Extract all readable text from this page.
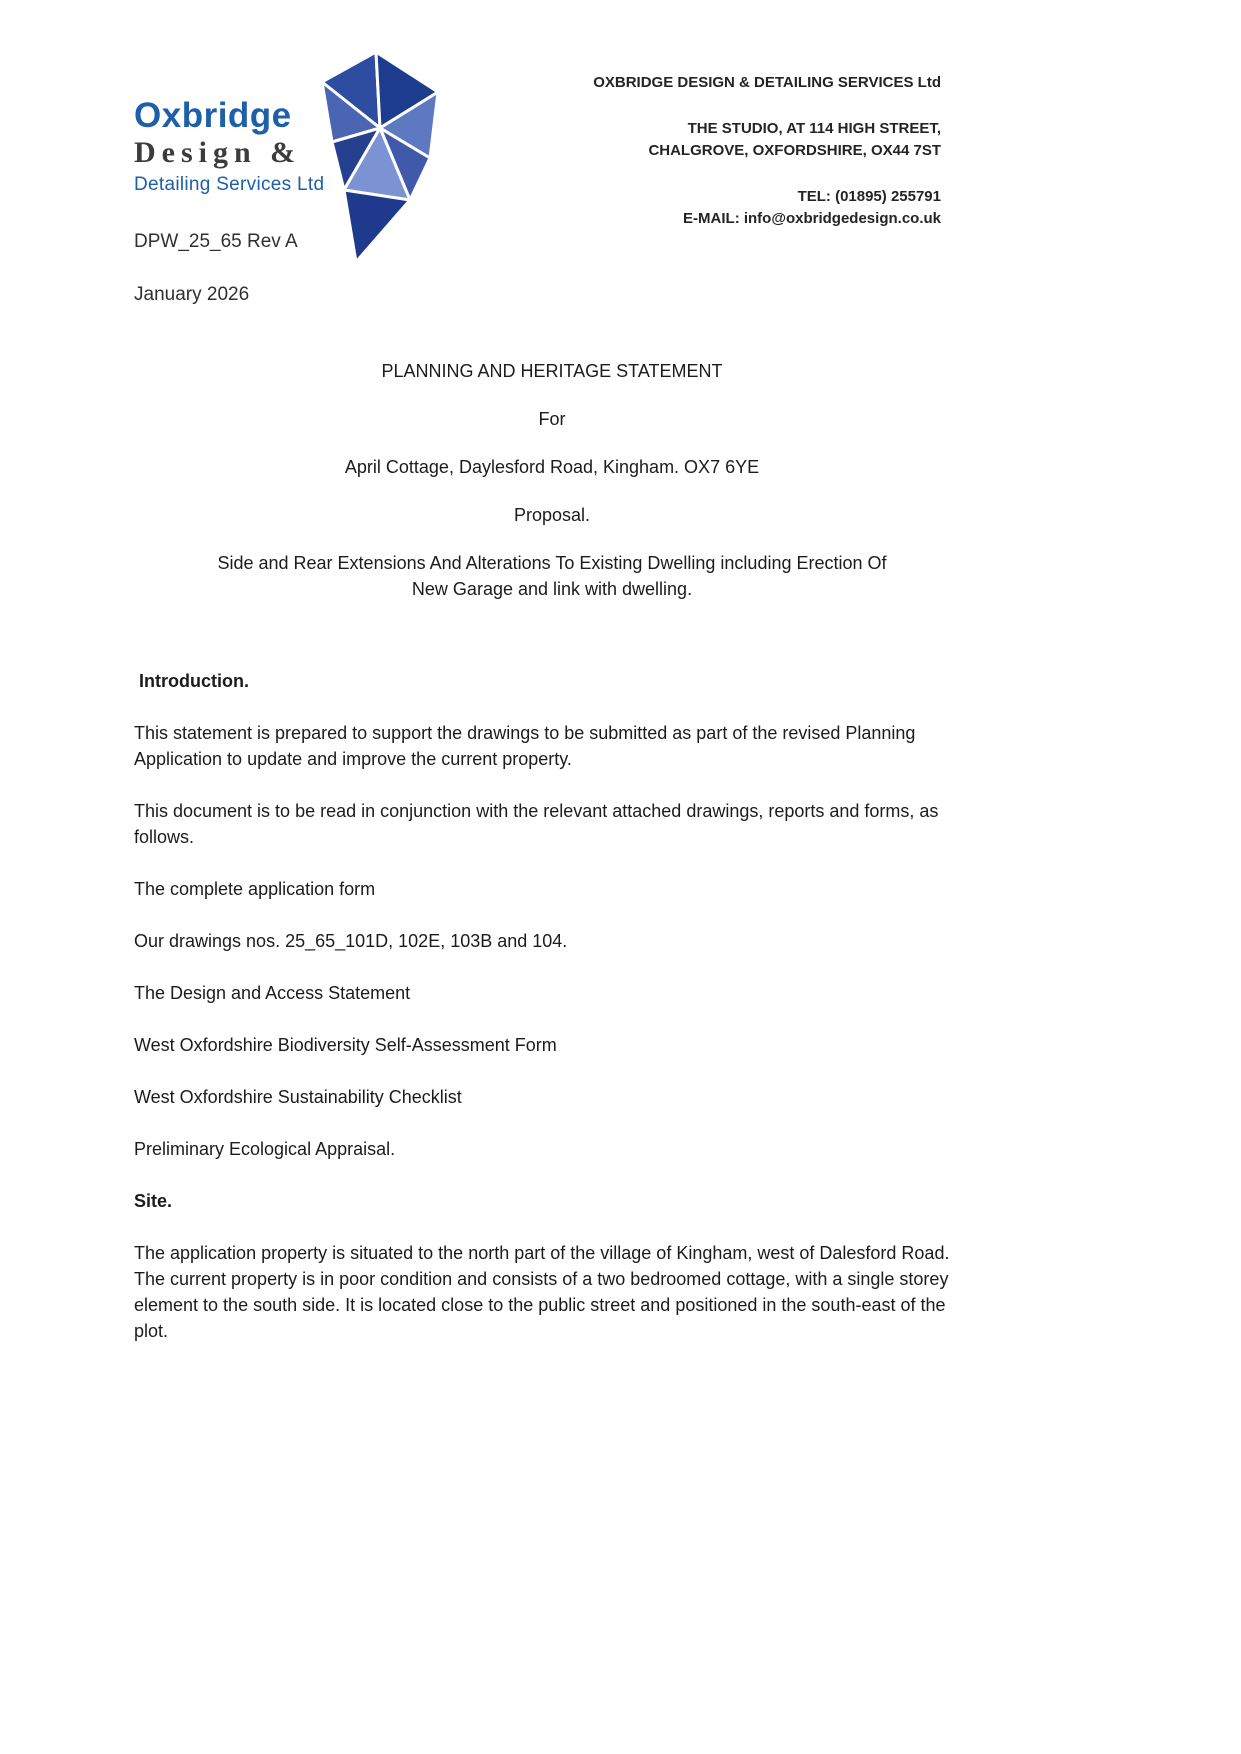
Oxbridge
Design &
Detailing Services Ltd
OXBRIDGE DESIGN & DETAILING SERVICES Ltd
THE STUDIO, AT 114 HIGH STREET,
CHALGROVE, OXFORDSHIRE, OX44 7ST
TEL: (01895) 255791
E-MAIL: info@oxbridgedesign.co.uk
DPW_25_65 Rev A
January 2026
PLANNING AND HERITAGE STATEMENT
For
April Cottage, Daylesford Road, Kingham. OX7 6YE
Proposal.
Side and Rear Extensions And Alterations To Existing Dwelling including Erection Of New Garage and link with dwelling.

Introduction.

This statement is prepared to support the drawings to be submitted as part of the revised Planning Application to update and improve the current property.

This document is to be read in conjunction with the relevant attached drawings, reports and forms, as follows.

The complete application form

Our drawings nos. 25_65_101D, 102E, 103B and 104.

The Design and Access Statement

West Oxfordshire Biodiversity Self-Assessment Form

West Oxfordshire Sustainability Checklist

Preliminary Ecological Appraisal.

Site.

The application property is situated to the north part of the village of Kingham, west of Dalesford Road. The current property is in poor condition and consists of a two bedroomed cottage, with a single storey element to the south side. It is located close to the public street and positioned in the south-east of the plot.
